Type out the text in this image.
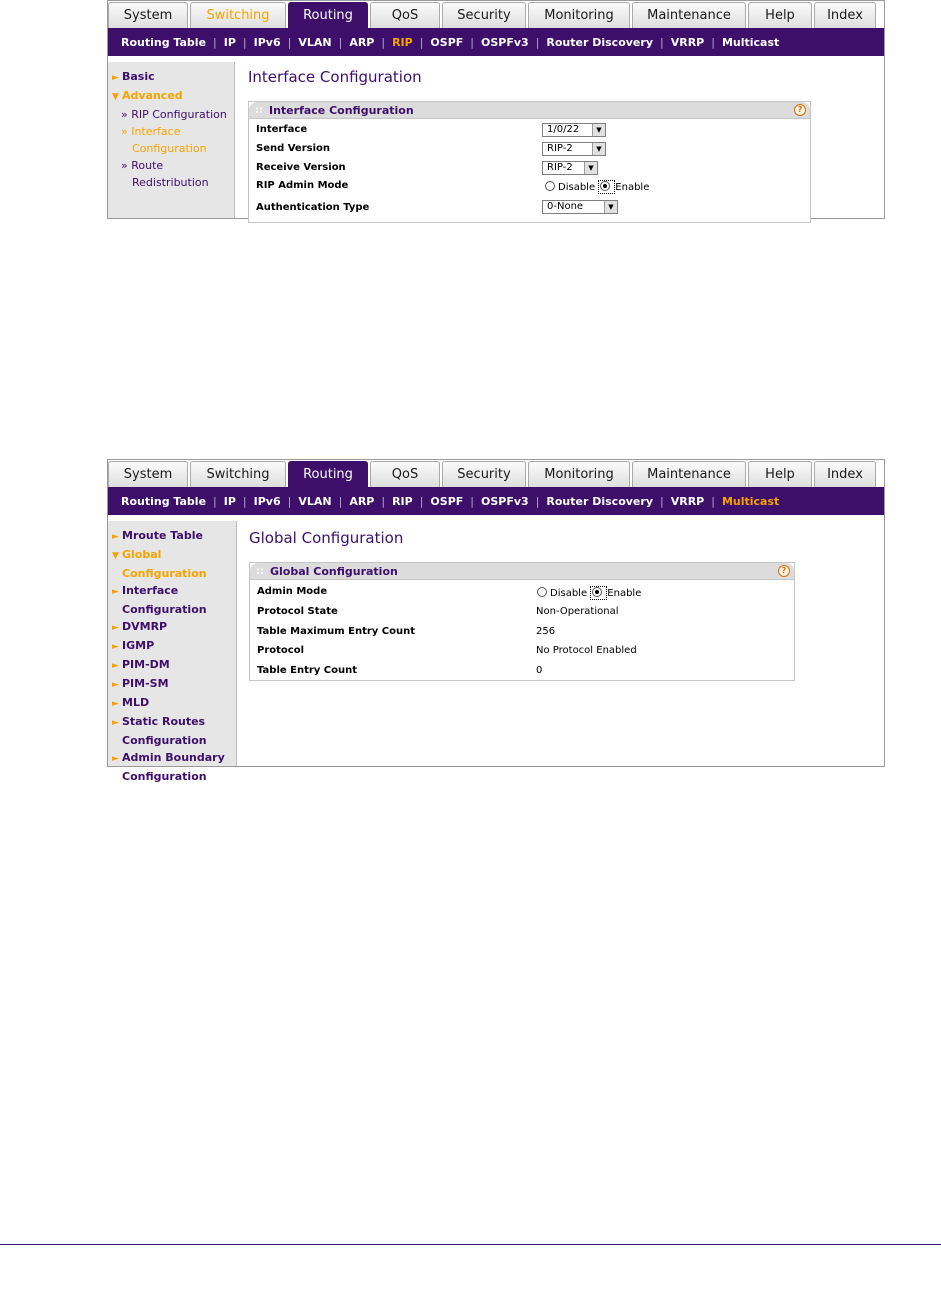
System	Switching	Routing	QoS	Security	Monitoring	Maintenance	Help	Index
Routing Table | IP | IPv6 | VLAN | ARP | RIP | OSPF | OSPFv3 | Router Discovery | VRRP | Multicast
► Basic
▼ Advanced
» RIP Configuration
» Interface
Configuration
» Route
Redistribution
Interface Configuration
:: Interface Configuration	?
Interface	1/0/22	▼
Send Version	RIP-2	▼
Receive Version	RIP-2	▼
RIP Admin Mode	Disable Enable
Authentication Type	0-None	▼
System	Switching	Routing	QoS	Security	Monitoring	Maintenance	Help	Index
Routing Table | IP | IPv6 | VLAN | ARP | RIP | OSPF | OSPFv3 | Router Discovery | VRRP | Multicast
► Mroute Table
▼ Global
Configuration
► Interface
Configuration
► DVMRP
► IGMP
► PIM-DM
► PIM-SM
► MLD
► Static Routes
Configuration
► Admin Boundary
Configuration
Global Configuration
:: Global Configuration	?
Admin Mode	Disable Enable
Protocol State	Non-Operational
Table Maximum Entry Count	256
Protocol	No Protocol Enabled
Table Entry Count	0
